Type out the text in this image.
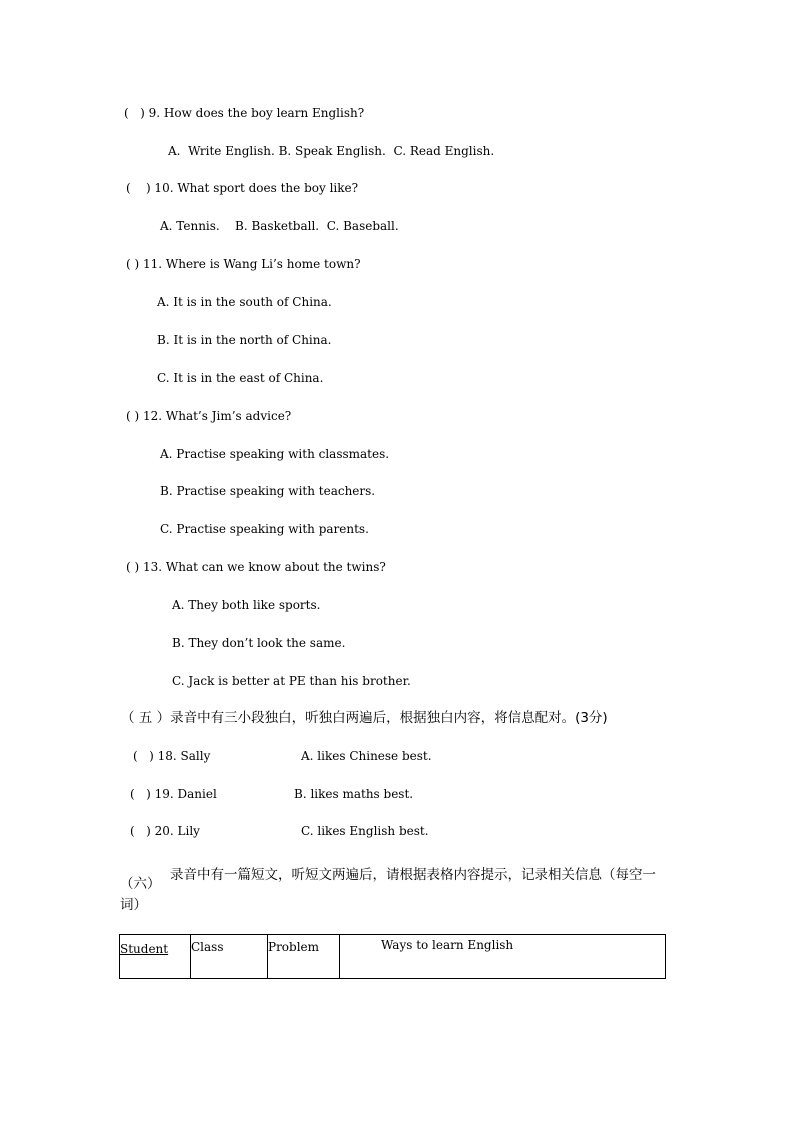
(   ) 9. How does the boy learn English?
A.  Write English. B. Speak English.  C. Read English.
(    ) 10. What sport does the boy like?
A. Tennis.    B. Basketball.  C. Baseball.
( ) 11. Where is Wang Li’s home town?
A. It is in the south of China.
B. It is in the north of China.
C. It is in the east of China.
( ) 12. What’s Jim’s advice?
A. Practise speaking with classmates.
B. Practise speaking with teachers.
C. Practise speaking with parents.
( ) 13. What can we know about the twins?
A. They both like sports.
B. They don’t look the same.
C. Jack is better at PE than his brother.
（ 五 ）录音中有三小段独白，听独白两遍后，根据独白内容，将信息配对。(3分)
(   ) 18. Sally	A. likes Chinese best.
(   ) 19. Daniel	B. likes maths best.
(   ) 20. Lily	C. likes English best.
（六）
录音中有一篇短文，听短文两遍后，请根据表格内容提示，记录相关信息（每空一
词）
Student	Class	Problem	Ways to learn English
